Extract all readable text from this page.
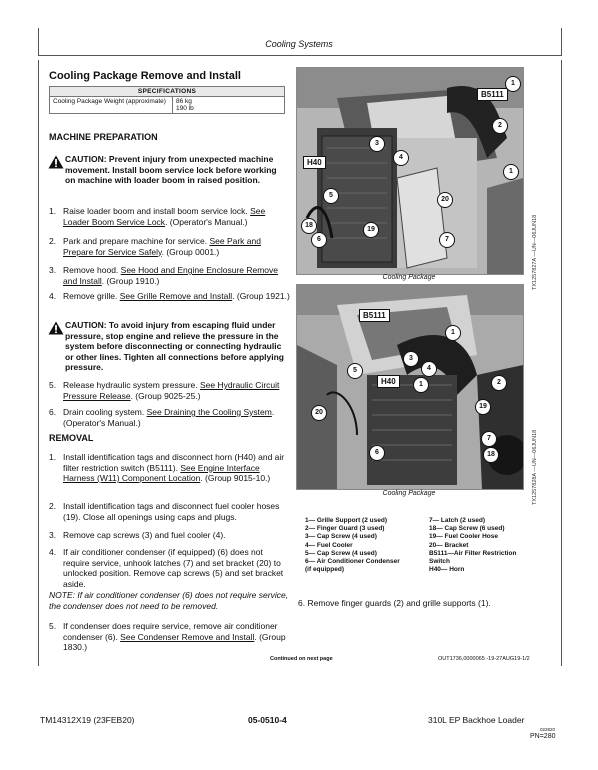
Cooling Systems
Cooling Package Remove and Install
SPECIFICATIONS
Cooling Package Weight (approximate)	86 kg
190 lb
MACHINE PREPARATION
CAUTION: Prevent injury from unexpected machine movement. Install boom service lock before working on machine with loader boom in raised position.
1. Raise loader boom and install boom service lock. See Loader Boom Service Lock. (Operator's Manual.)
2. Park and prepare machine for service. See Park and Prepare for Service Safely. (Group 0001.)
3. Remove hood. See Hood and Engine Enclosure Remove and Install. (Group 1910.)
4. Remove grille. See Grille Remove and Install. (Group 1921.)
CAUTION: To avoid injury from escaping fluid under pressure, stop engine and relieve the pressure in the system before disconnecting or connecting hydraulic or other lines. Tighten all connections before applying pressure.
5. Release hydraulic system pressure. See Hydraulic Circuit Pressure Release. (Group 9025-25.)
6. Drain cooling system. See Draining the Cooling System. (Operator's Manual.)
REMOVAL
1. Install identification tags and disconnect horn (H40) and air filter restriction switch (B5111). See Engine Interface Harness (W11) Component Location. (Group 9015-10.)
2. Install identification tags and disconnect fuel cooler hoses (19). Close all openings using caps and plugs.
3. Remove cap screws (3) and fuel cooler (4).
4. If air conditioner condenser (if equipped) (6) does not require service, unhook latches (7) and set bracket (20) to unlocked position. Remove cap screws (5) and set bracket aside.
NOTE: If air conditioner condenser (6) does not require service, the condenser does not need to be removed.
5. If condenser does require service, remove air conditioner condenser (6). See Condenser Remove and Install. (Group 1830.)
B5111
H40
1
2
3
4
5
6
1
7
18
19
20
Cooling Package	TX1257827A —UN—06JUN18
B5111
H40
1
2
3
4
5
6
1
7
18
19
20
Cooling Package	TX1257828A —UN—06JUN18
1— Grille Support (2 used)
2— Finger Guard (3 used)
3— Cap Screw (4 used)
4— Fuel Cooler
5— Cap Screw (4 used)
6— Air Conditioner Condenser
(if equipped)
7— Latch (2 used)
18— Cap Screw (6 used)
19— Fuel Cooler Hose
20— Bracket
B5111—Air Filter Restriction
Switch
H40— Horn
6. Remove finger guards (2) and grille supports (1).
Continued on next page	OUT1736,0000065 -19-27AUG19-1/2
TM14312X19 (23FEB20)	05-0510-4	310L EP Backhoe Loader
022820
PN=280
